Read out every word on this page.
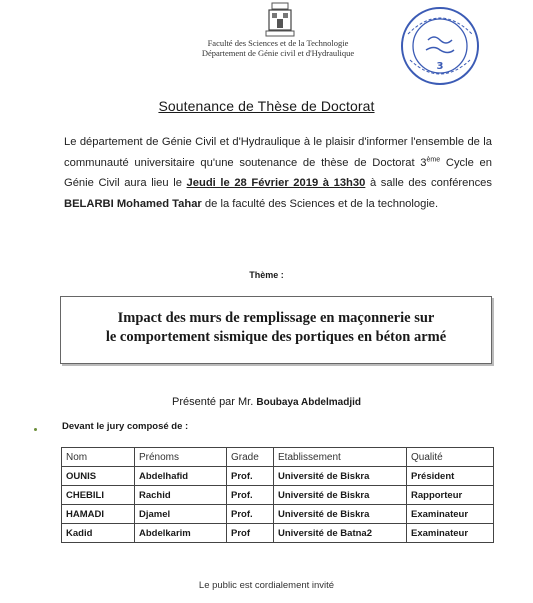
Faculté des Sciences et de la Technologie
Département de Génie civil et d'Hydraulique
3
Soutenance de Thèse de Doctorat
Le département de Génie Civil et d'Hydraulique à le plaisir d'informer l'ensemble de la communauté universitaire qu'une soutenance de thèse de Doctorat 3ème Cycle en Génie Civil aura lieu le Jeudi le 28 Février 2019 à 13h30 à salle des conférences BELARBI Mohamed Tahar de la faculté des Sciences et de la technologie.
Thème :
Impact des murs de remplissage en maçonnerie sur
le comportement sismique des portiques en béton armé
Présenté par Mr. Boubaya Abdelmadjid
Devant le jury composé de :
Nom	Prénoms	Grade	Etablissement	Qualité
OUNIS	Abdelhafid	Prof.	Université de Biskra	Président
CHEBILI	Rachid	Prof.	Université de Biskra	Rapporteur
HAMADI	Djamel	Prof.	Université de Biskra	Examinateur
Kadid	Abdelkarim	Prof	Université de Batna2	Examinateur
Le public est cordialement invité
